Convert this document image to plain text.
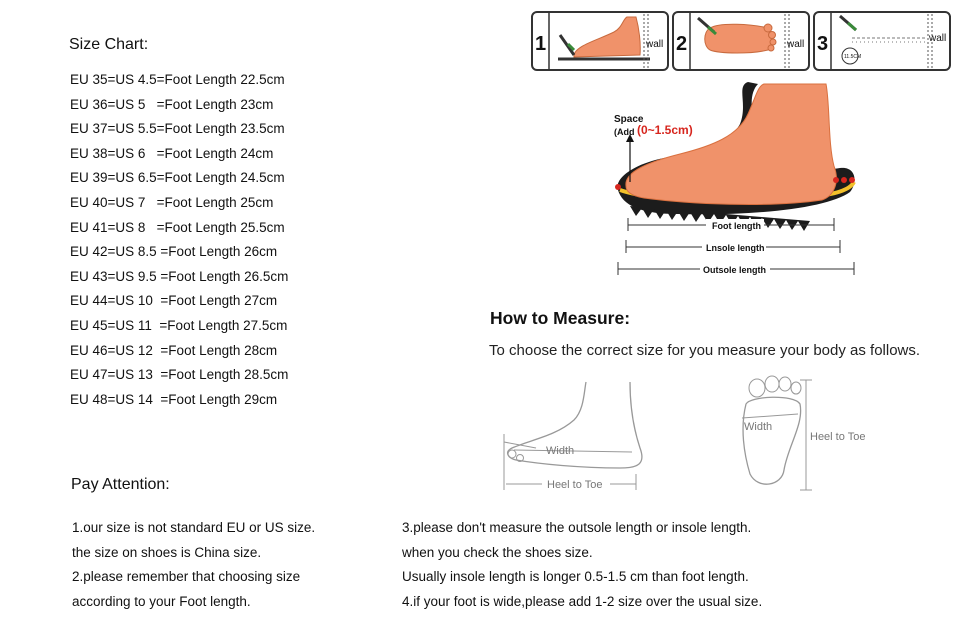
Size Chart:
EU 35=US 4.5=Foot Length 22.5cm
EU 36=US 5   =Foot Length 23cm
EU 37=US 5.5=Foot Length 23.5cm
EU 38=US 6   =Foot Length 24cm
EU 39=US 6.5=Foot Length 24.5cm
EU 40=US 7   =Foot Length 25cm
EU 41=US 8   =Foot Length 25.5cm
EU 42=US 8.5 =Foot Length 26cm
EU 43=US 9.5 =Foot Length 26.5cm
EU 44=US 10  =Foot Length 27cm
EU 45=US 11  =Foot Length 27.5cm
EU 46=US 12  =Foot Length 28cm
EU 47=US 13  =Foot Length 28.5cm
EU 48=US 14  =Foot Length 29cm
1	wall 2	wall 3
11.5CM
wall
Space
(Add (0~1.5cm)
Foot length
Lnsole length
Outsole length
How to Measure:
To choose the correct size for you measure your body as follows.
Width
Heel to Toe
Width
Heel to Toe
Pay Attention:
1.our size is not standard EU or US size.
the size on shoes is China size.
2.please remember that choosing size
according to your Foot length.
3.please don't measure the outsole length or insole length.
when you check the shoes size.
Usually insole length is longer 0.5-1.5 cm than foot length.
4.if your foot is wide,please add 1-2 size over the usual size.
